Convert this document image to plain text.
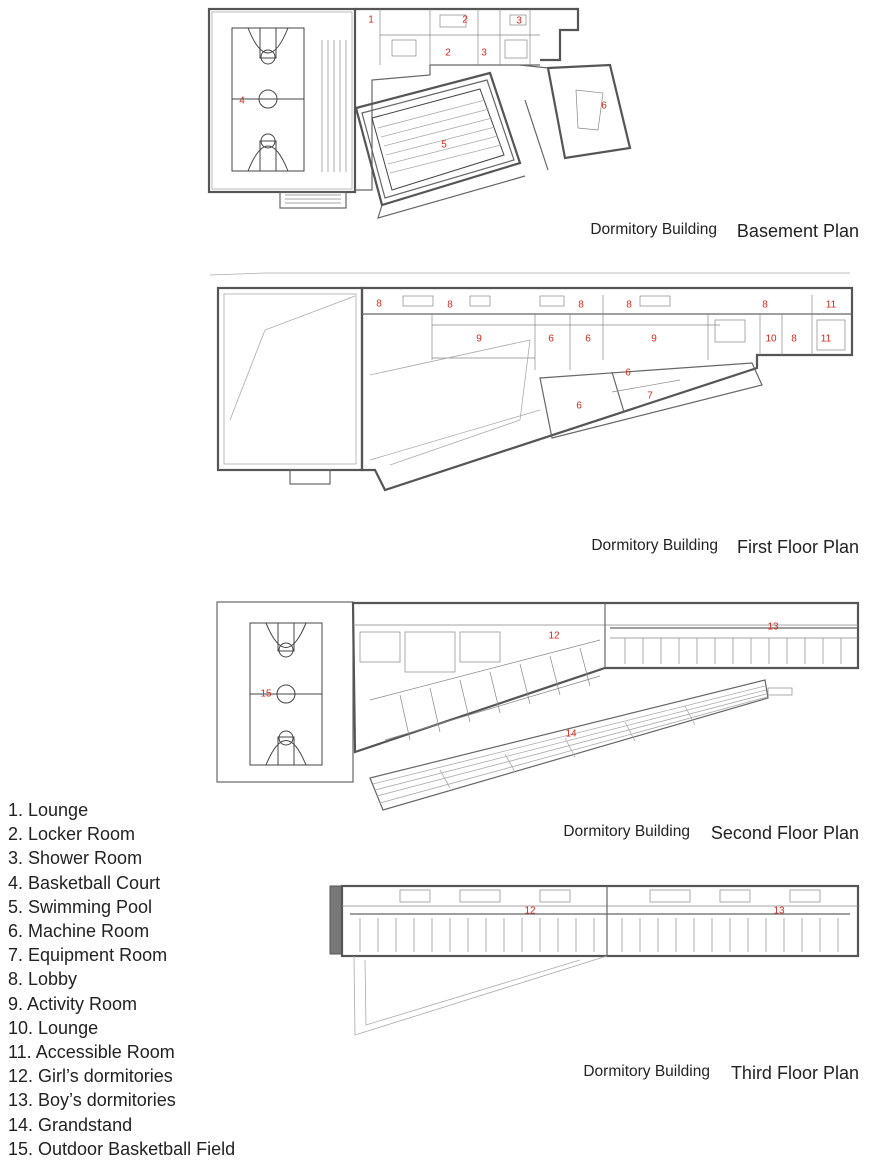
1	2	3
2	3
4
5
6
8	8	8	8	8	11
9	6	6	9	10 8 11
6
7
6
12
13
15
14
12	13
Dormitory Building Basement Plan
Dormitory Building First Floor Plan
Dormitory Building Second Floor Plan
Dormitory Building Third Floor Plan
1. Lounge
2. Locker Room
3. Shower Room
4. Basketball Court
5. Swimming Pool
6. Machine Room
7. Equipment Room
8. Lobby
9. Activity Room
10. Lounge
11. Accessible Room
12. Girl’s dormitories
13. Boy’s dormitories
14. Grandstand
15. Outdoor Basketball Field
